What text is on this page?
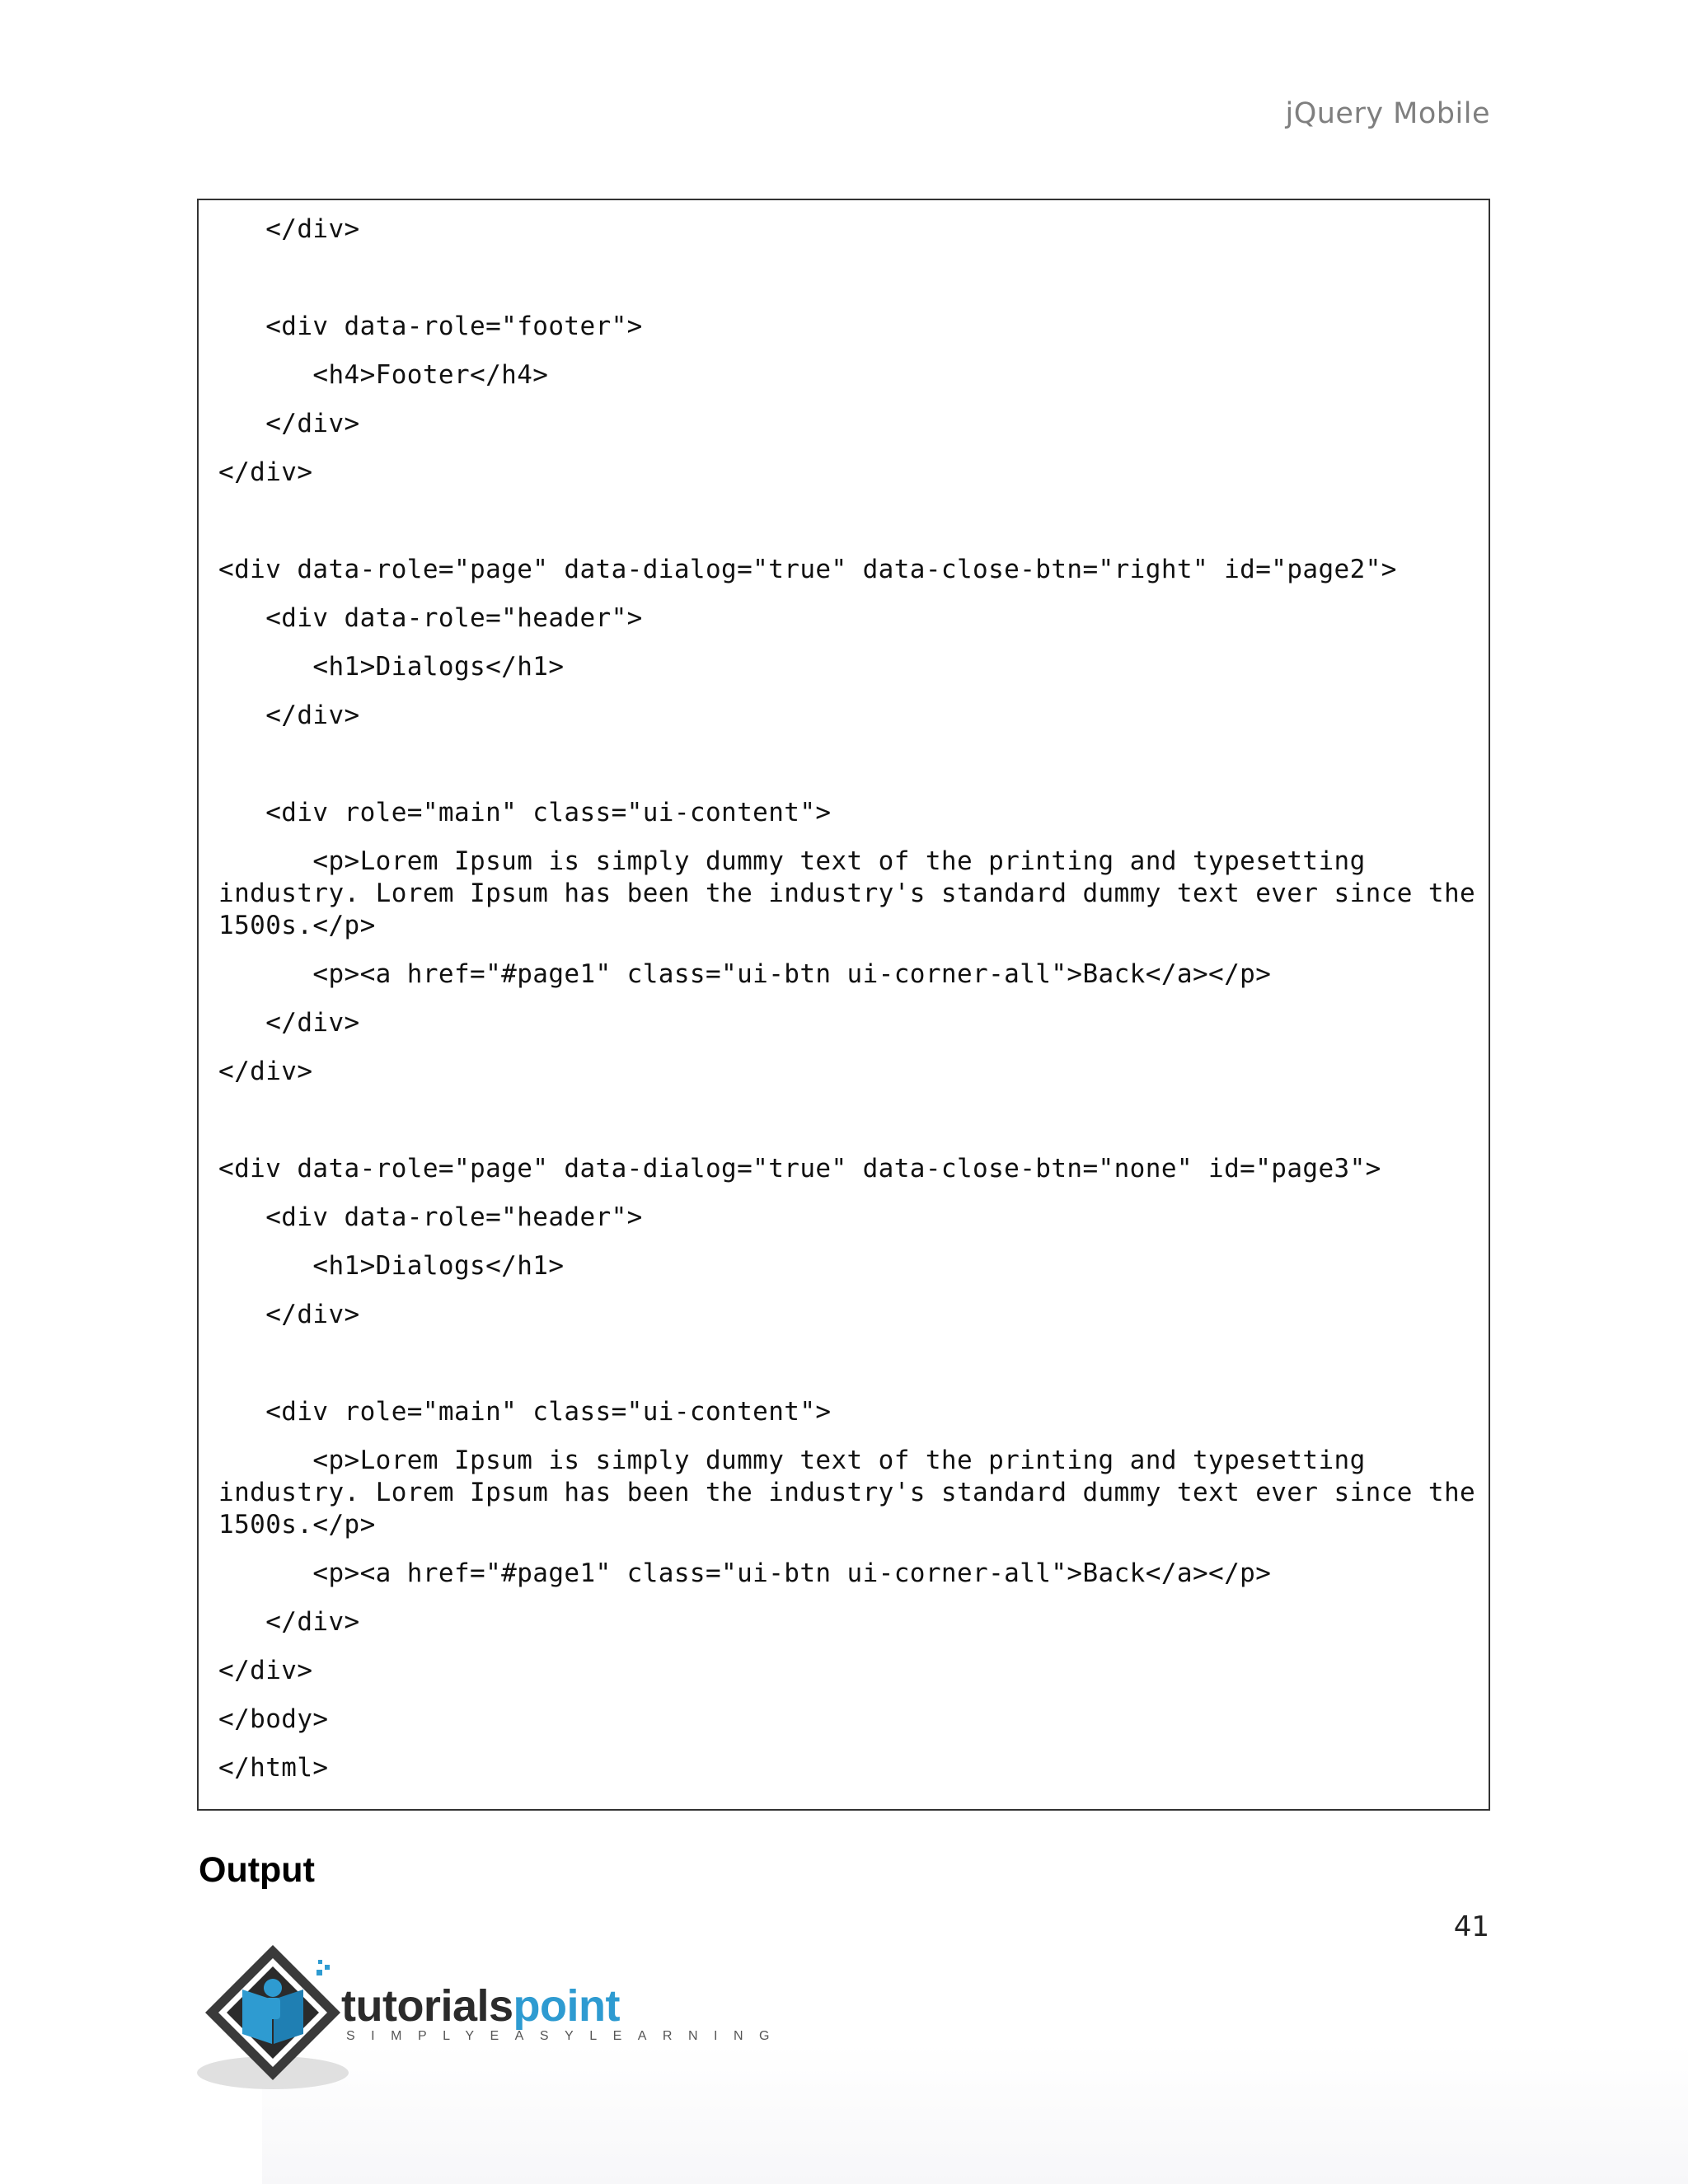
jQuery Mobile
</div>
<div data-role="footer">
<h4>Footer</h4>
</div>
</div>
<div data-role="page" data-dialog="true" data-close-btn="right" id="page2">
<div data-role="header">
<h1>Dialogs</h1>
</div>
<div role="main" class="ui-content">
<p>Lorem Ipsum is simply dummy text of the printing and typesetting
industry. Lorem Ipsum has been the industry's standard dummy text ever since the
1500s.</p>
<p><a href="#page1" class="ui-btn ui-corner-all">Back</a></p>
</div>
</div>
<div data-role="page" data-dialog="true" data-close-btn="none" id="page3">
<div data-role="header">
<h1>Dialogs</h1>
</div>
<div role="main" class="ui-content">
<p>Lorem Ipsum is simply dummy text of the printing and typesetting
industry. Lorem Ipsum has been the industry's standard dummy text ever since the
1500s.</p>
<p><a href="#page1" class="ui-btn ui-corner-all">Back</a></p>
</div>
</div>
</body>
</html>
Output
41
tutorialspoint
SIMPLYEASYLEARNING
